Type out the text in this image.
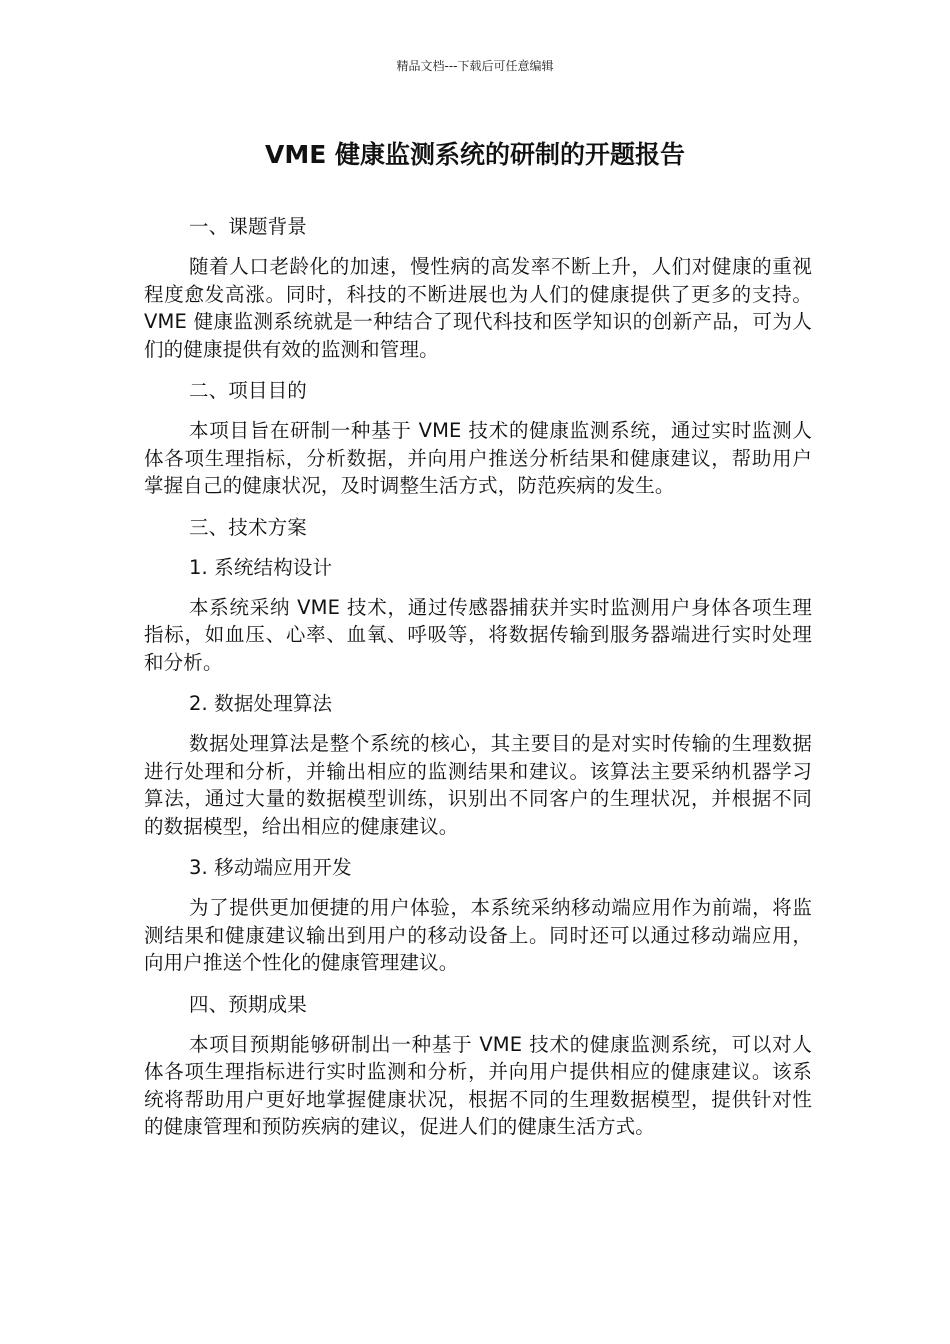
精品文档---下载后可任意编辑
VME 健康监测系统的研制的开题报告

一、课题背景

随着人口老龄化的加速，慢性病的高发率不断上升，人们对健康的重视程度愈发高涨。同时，科技的不断进展也为人们的健康提供了更多的支持。VME 健康监测系统就是一种结合了现代科技和医学知识的创新产品，可为人们的健康提供有效的监测和管理。

二、项目目的

本项目旨在研制一种基于 VME 技术的健康监测系统，通过实时监测人体各项生理指标，分析数据，并向用户推送分析结果和健康建议，帮助用户掌握自己的健康状况，及时调整生活方式，防范疾病的发生。

三、技术方案

1. 系统结构设计

本系统采纳 VME 技术，通过传感器捕获并实时监测用户身体各项生理指标，如血压、心率、血氧、呼吸等，将数据传输到服务器端进行实时处理和分析。

2. 数据处理算法

数据处理算法是整个系统的核心，其主要目的是对实时传输的生理数据进行处理和分析，并输出相应的监测结果和建议。该算法主要采纳机器学习算法，通过大量的数据模型训练，识别出不同客户的生理状况，并根据不同的数据模型，给出相应的健康建议。

3. 移动端应用开发

为了提供更加便捷的用户体验，本系统采纳移动端应用作为前端，将监测结果和健康建议输出到用户的移动设备上。同时还可以通过移动端应用，向用户推送个性化的健康管理建议。

四、预期成果

本项目预期能够研制出一种基于 VME 技术的健康监测系统，可以对人体各项生理指标进行实时监测和分析，并向用户提供相应的健康建议。该系统将帮助用户更好地掌握健康状况，根据不同的生理数据模型，提供针对性的健康管理和预防疾病的建议，促进人们的健康生活方式。
